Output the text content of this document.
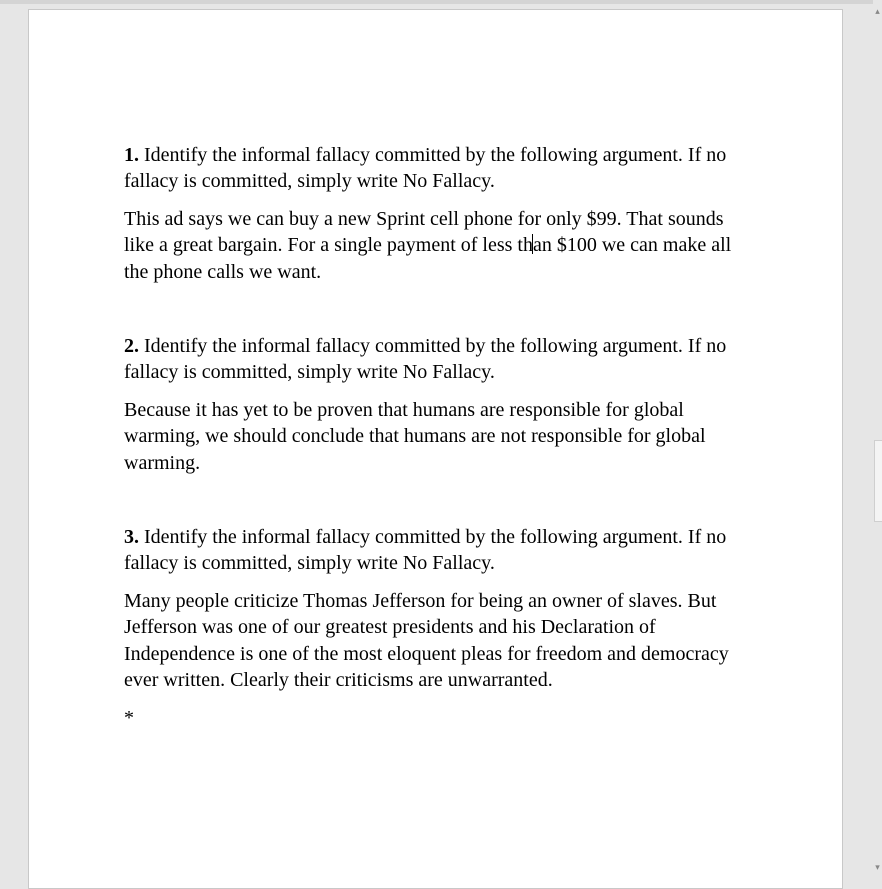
1. Identify the informal fallacy committed by the following argument. If no fallacy is committed, simply write No Fallacy.

This ad says we can buy a new Sprint cell phone for only $99. That sounds like a great bargain. For a single payment of less than $100 we can make all the phone calls we want.

2. Identify the informal fallacy committed by the following argument. If no fallacy is committed, simply write No Fallacy.

Because it has yet to be proven that humans are responsible for global warming, we should conclude that humans are not responsible for global warming.

3. Identify the informal fallacy committed by the following argument. If no fallacy is committed, simply write No Fallacy.

Many people criticize Thomas Jefferson for being an owner of slaves. But Jefferson was one of our greatest presidents and his Declaration of Independence is one of the most eloquent pleas for freedom and democracy ever written. Clearly their criticisms are unwarranted.

*

▴
▾
